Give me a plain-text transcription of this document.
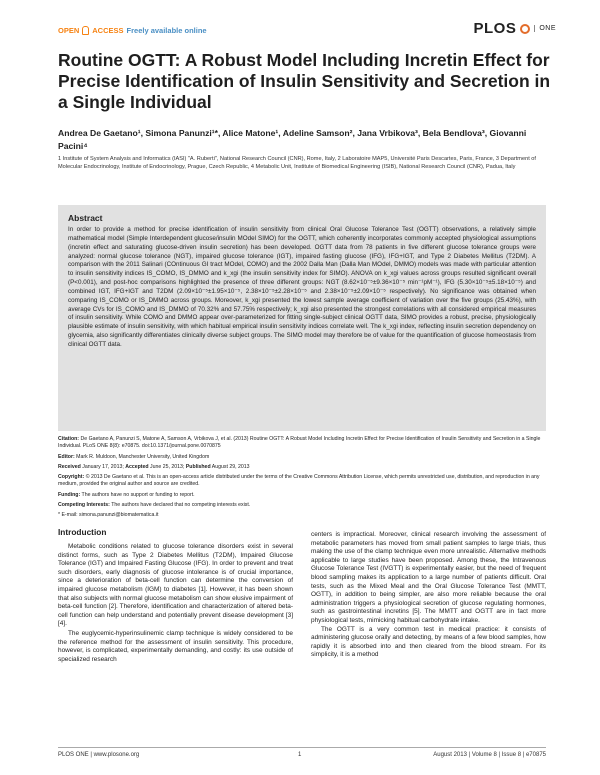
OPEN ACCESS Freely available online	PLOS	ONE
Routine OGTT: A Robust Model Including Incretin Effect for Precise Identification of Insulin Sensitivity and Secretion in a Single Individual
Andrea De Gaetano¹, Simona Panunzi¹*, Alice Matone¹, Adeline Samson², Jana Vrbikova³, Bela Bendlova³, Giovanni Pacini⁴
1 Institute of System Analysis and Informatics (IASI) "A. Ruberti", National Research Council (CNR), Rome, Italy, 2 Laboratoire MAP5, Université Paris Descartes, Paris, France, 3 Department of Molecular Endocrinology, Institute of Endocrinology, Prague, Czech Republic, 4 Metabolic Unit, Institute of Biomedical Engineering (ISIB), National Research Council (CNR), Padua, Italy
Abstract

In order to provide a method for precise identification of insulin sensitivity from clinical Oral Glucose Tolerance Test (OGTT) observations, a relatively simple mathematical model (Simple Interdependent glucose/insulin MOdel SIMO) for the OGTT, which coherently incorporates commonly accepted physiological assumptions (incretin effect and saturating glucose-driven insulin secretion) has been developed. OGTT data from 78 patients in five different glucose tolerance groups were analyzed: normal glucose tolerance (NGT), impaired glucose tolerance (IGT), impaired fasting glucose (IFG), IFG+IGT, and Type 2 Diabetes Mellitus (T2DM). A comparison with the 2011 Salinari (COntinuous GI tract MOdel, COMO) and the 2002 Dalla Man (Dalla Man MOdel, DMMO) models was made with particular attention to insulin sensitivity indices IS_COMO, IS_DMMO and k_xgi (the insulin sensitivity index for SIMO). ANOVA on k_xgi values across groups resulted significant overall (P<0.001), and post-hoc comparisons highlighted the presence of three different groups: NGT (8.62×10⁻⁵±9.36×10⁻⁵ min⁻¹pM⁻¹), IFG (5.30×10⁻⁵±5.18×10⁻⁵) and combined IGT, IFG+IGT and T2DM (2.09×10⁻⁵±1.95×10⁻⁵, 2.38×10⁻⁵±2.28×10⁻⁵ and 2.38×10⁻⁵±2.09×10⁻⁵ respectively). No significance was obtained when comparing IS_COMO or IS_DMMO across groups. Moreover, k_xgi presented the lowest sample average coefficient of variation over the five groups (25.43%), with average CVs for IS_COMO and IS_DMMO of 70.32% and 57.75% respectively; k_xgi also presented the strongest correlations with all considered empirical measures of insulin sensitivity. While COMO and DMMO appear over-parameterized for fitting single-subject clinical OGTT data, SIMO provides a robust, precise, physiologically plausible estimate of insulin sensitivity, with which habitual empirical insulin sensitivity indices correlate well. The k_xgi index, reflecting insulin secretion dependency on glycemia, also significantly differentiates clinically diverse subject groups. The SIMO model may therefore be of value for the quantification of glucose homeostasis from clinical OGTT data.

Citation: De Gaetano A, Panunzi S, Matone A, Samson A, Vrbikova J, et al. (2013) Routine OGTT: A Robust Model Including Incretin Effect for Precise Identification of Insulin Sensitivity and Secretion in a Single Individual. PLoS ONE 8(8): e70875. doi:10.1371/journal.pone.0070875
Editor: Mark R. Muldoon, Manchester University, United Kingdom
Received January 17, 2013; Accepted June 25, 2013; Published August 29, 2013
Copyright: © 2013 De Gaetano et al. This is an open-access article distributed under the terms of the Creative Commons Attribution License, which permits unrestricted use, distribution, and reproduction in any medium, provided the original author and source are credited.
Funding: The authors have no support or funding to report.
Competing Interests: The authors have declared that no competing interests exist.
* E-mail: simona.panunzi@biomatematica.it
Introduction

Metabolic conditions related to glucose tolerance disorders exist in several distinct forms, such as Type 2 Diabetes Mellitus (T2DM), Impaired Glucose Tolerance (IGT) and Impaired Fasting Glucose (IFG). In order to prevent and treat such disorders, early diagnosis of glucose intolerance is of crucial importance, since a deterioration of beta-cell function can determine the conversion of impaired glucose metabolism (IGM) to diabetes [1]. However, it has been shown that also subjects with normal glucose metabolism can show elusive impairment of beta-cell function [2]. Therefore, identification and characterization of altered beta-cell function can help understand and potentially prevent disease development [3] [4].

The euglycemic-hyperinsulinemic clamp technique is widely considered to be the reference method for the assessment of insulin sensitivity. This procedure, however, is complicated, experimentally demanding, and costly: its use outside of specialized research

centers is impractical. Moreover, clinical research involving the assessment of metabolic parameters has moved from small patient samples to large trials, thus making the use of the clamp technique even more unrealistic. Alternative methods applicable to large studies have been proposed. Among these, the Intravenous Glucose Tolerance Test (IVGTT) is experimentally easier, but the need of frequent blood sampling makes its application to a large number of patients difficult. Oral tests, such as the Mixed Meal and the Oral Glucose Tolerance Test (MMTT, OGTT), in addition to being simpler, are also more reliable because the oral administration triggers a physiological secretion of glucose regulating hormones, such as gastrointestinal incretins [5]. The MMTT and OGTT are in fact more physiological tests, mimicking habitual carbohydrate intake.

The OGTT is a very common test in medical practice: it consists of administering glucose orally and detecting, by means of a few blood samples, how rapidly it is absorbed into and then cleared from the blood stream. For its simplicity, it is a method

PLOS ONE | www.plosone.org	1	August 2013 | Volume 8 | Issue 8 | e70875
